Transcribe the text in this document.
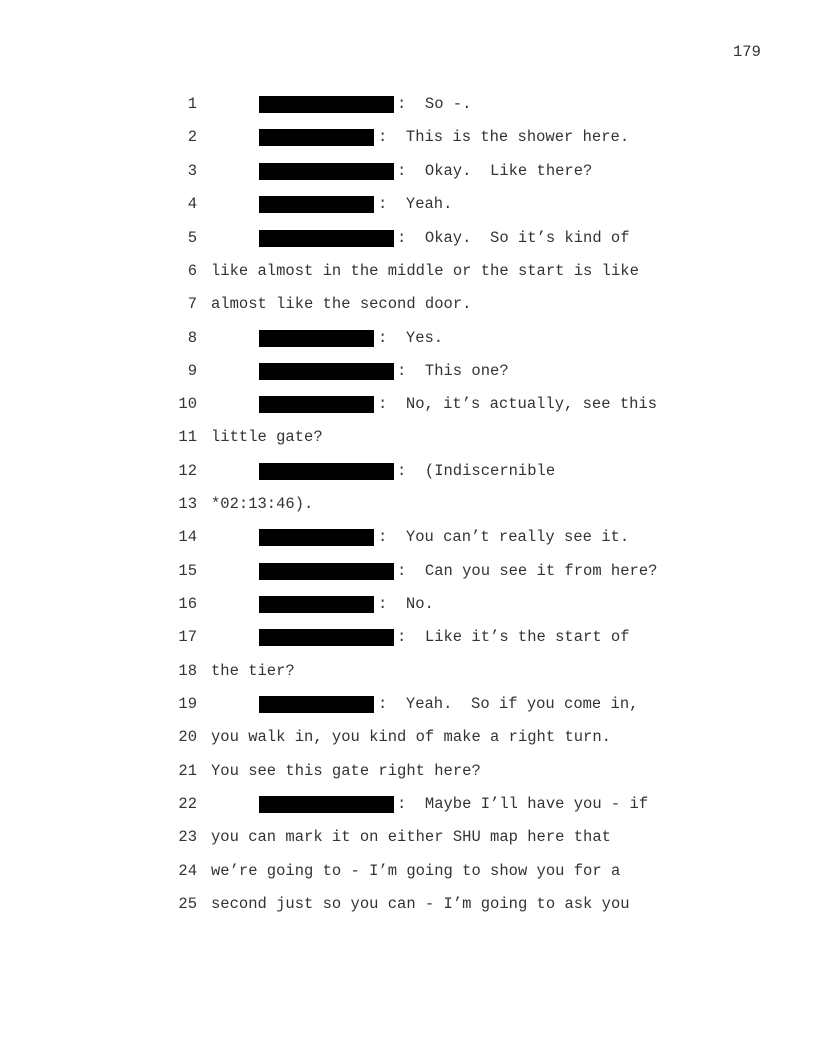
179
1	:  So -.
2	:  This is the shower here.
3	:  Okay.  Like there?
4	:  Yeah.
5	:  Okay.  So it’s kind of
6 like almost in the middle or the start is like
7 almost like the second door.
8	:  Yes.
9	:  This one?
10	:  No, it’s actually, see this
11 little gate?
12	:  (Indiscernible
13 *02:13:46).
14	:  You can’t really see it.
15	:  Can you see it from here?
16	:  No.
17	:  Like it’s the start of
18 the tier?
19	:  Yeah.  So if you come in,
20 you walk in, you kind of make a right turn.
21 You see this gate right here?
22	:  Maybe I’ll have you - if
23 you can mark it on either SHU map here that
24 we’re going to - I’m going to show you for a
25 second just so you can - I’m going to ask you
